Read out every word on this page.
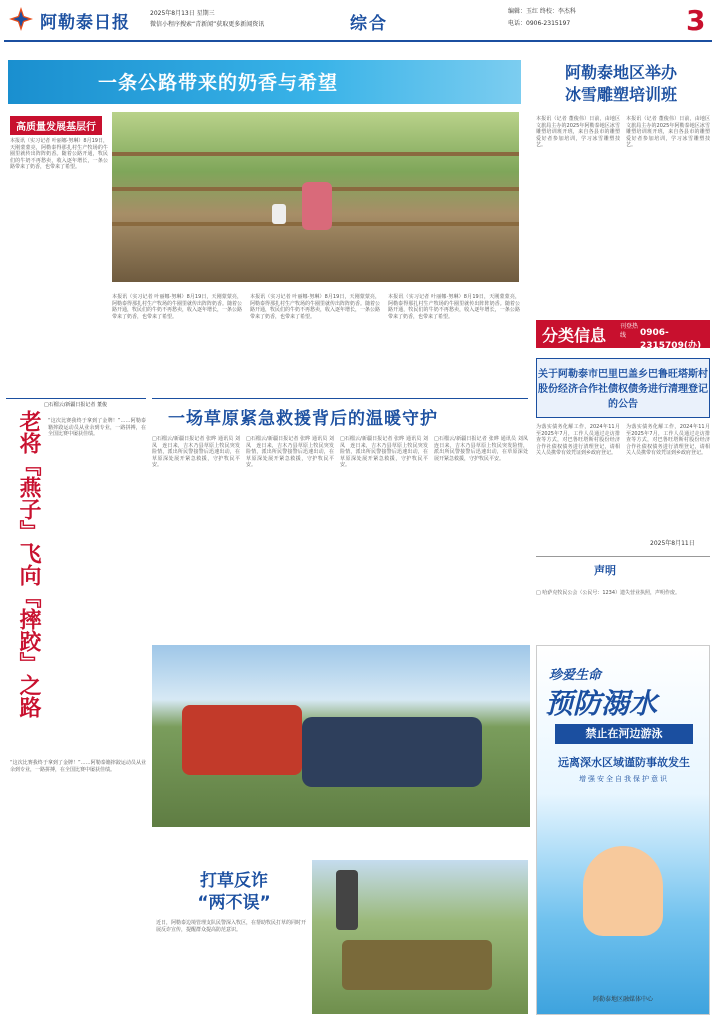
阿勒泰日报	2025年8月13日 星期三
微信小程序搜索“青新闻”获取更多新闻资讯	综合
编辑：玉红 终校：李杰科
电话：0906-2315197	3
一条公路带来的奶香与希望
高质量发展基层行
本报讯（实习记者 叶丽娜·努琳）8月19日，天刚蒙蒙亮，阿勒泰得那扎村生产牧场的牛圈里就传出阵阵奶香。随着公路开通，牧民们的牛奶不再愁卖，收入逐年增长，一条公路带来了奶香，也带来了希望。
本报讯（实习记者 叶丽娜·努琳）8月19日，天刚蒙蒙亮，阿勒泰得那扎村生产牧场的牛圈里就传出阵阵奶香。随着公路开通，牧民们的牛奶不再愁卖，收入逐年增长，一条公路带来了奶香，也带来了希望。
本报讯（实习记者 叶丽娜·努琳）8月19日，天刚蒙蒙亮，阿勒泰得那扎村生产牧场的牛圈里就传出阵阵奶香。随着公路开通，牧民们的牛奶不再愁卖，收入逐年增长，一条公路带来了奶香，也带来了希望。
本报讯（实习记者 叶丽娜·努琳）8月19日，天刚蒙蒙亮，阿勒泰得那扎村生产牧场的牛圈里就传出阵阵奶香。随着公路开通，牧民们的牛奶不再愁卖，收入逐年增长，一条公路带来了奶香，也带来了希望。
阿勒泰地区举办
冰雪雕塑培训班
本报讯（记者 董俊伟）日前，由地区文旅局主办的2025年阿勒泰地区冰雪雕塑培训班开班，来自各县市的雕塑爱好者参加培训，学习冰雪雕塑技艺。
本报讯（记者 董俊伟）日前，由地区文旅局主办的2025年阿勒泰地区冰雪雕塑培训班开班，来自各县市的雕塑爱好者参加培训，学习冰雪雕塑技艺。
□石榴云/新疆日报记者 董俊
老将『燕子』飞向『摔跤』之路 “这次比赛我终于拿到了金牌！”……阿勒泰籍摔跤运动员从业余到专业，一路拼搏，在全国比赛中屡获佳绩。
“这次比赛我终于拿到了金牌！”……阿勒泰籍摔跤运动员从业余到专业，一路拼搏，在全国比赛中屡获佳绩。
一场草原紧急救援背后的温暖守护
□石榴云/新疆日报记者 张晔 通讯员 刘凤　连日来，吉木乃县草原上牧民突发险情，派出所民警接警后迅速出动，在草原深处展开紧急救援，守护牧民平安。
□石榴云/新疆日报记者 张晔 通讯员 刘凤　连日来，吉木乃县草原上牧民突发险情，派出所民警接警后迅速出动，在草原深处展开紧急救援，守护牧民平安。
□石榴云/新疆日报记者 张晔 通讯员 刘凤　连日来，吉木乃县草原上牧民突发险情，派出所民警接警后迅速出动，在草原深处展开紧急救援，守护牧民平安。
□石榴云/新疆日报记者 张晔 通讯员 刘凤　连日来，吉木乃县草原上牧民突发险情，派出所民警接警后迅速出动，在草原深处展开紧急救援，守护牧民平安。
分类信息 刊登热线	0906-2315709(办)
关于阿勒泰市巴里巴盖乡巴鲁旺塔斯村股份经济合作社债权债务进行清理登记的公告
为落实债务化解工作，2024年11月至2025年7月，工作人员通过走访排查等方式，对巴鲁旺塔斯村股份经济合作社债权债务进行清理登记，请相关人员携带有效凭证到乡政府登记。
为落实债务化解工作，2024年11月至2025年7月，工作人员通过走访排查等方式，对巴鲁旺塔斯村股份经济合作社债权债务进行清理登记，请相关人员携带有效凭证到乡政府登记。
2025年8月11日
声明
□ 哈萨克牧民公会（公民号：1234）遗失营业执照，声明作废。
打草反诈
“两不误”
近日，阿勒泰边境管理支队民警深入牧区，在帮助牧民打草的同时开展反诈宣传，提醒群众提高防范意识。
珍爱生命
预防溺水
禁止在河边游泳
远离深水区域谨防事故发生
增强安全自我保护意识
阿勒泰地区融媒体中心
